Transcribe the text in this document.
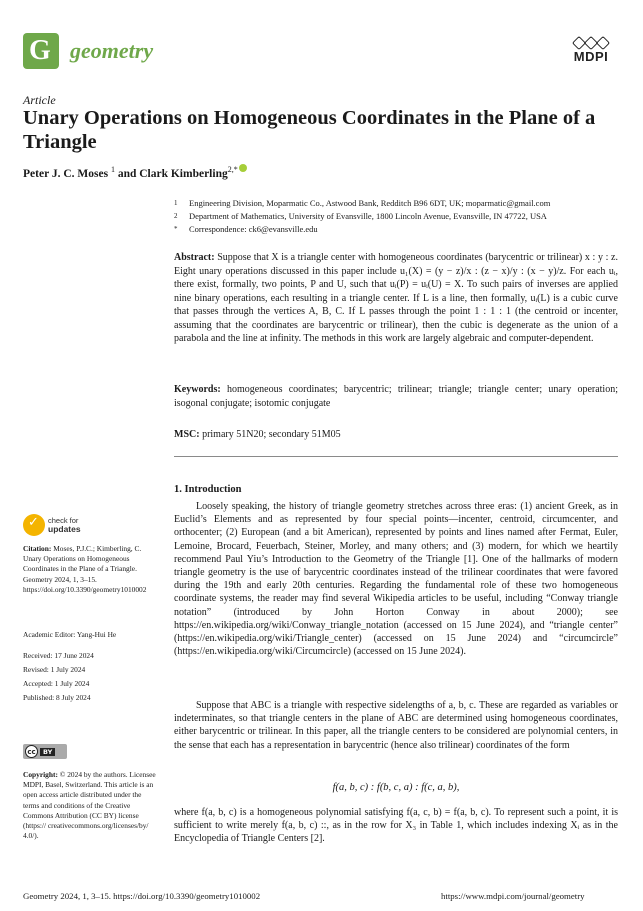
G geometry	MDPI
Article
Unary Operations on Homogeneous Coordinates in the Plane of a Triangle
Peter J. C. Moses $^1$ and Clark Kimberling$^{2,*}$
1	Engineering Division, Moparmatic Co., Astwood Bank, Redditch B96 6DT, UK; moparmatic@gmail.com
2	Department of Mathematics, University of Evansville, 1800 Lincoln Avenue, Evansville, IN 47722, USA
*	Correspondence: ck6@evansville.edu
Abstract: Suppose that X is a triangle center with homogeneous coordinates (barycentric or trilinear) x : y : z. Eight unary operations discussed in this paper include u₁(X) = (y − z)/x : (z − x)/y : (x − y)/z. For each uᵢ, there exist, formally, two points, P and U, such that uᵢ(P) = uᵢ(U) = X. To such pairs of inverses are applied nine binary operations, each resulting in a triangle center. If L is a line, then formally, uᵢ(L) is a cubic curve that passes through the vertices A, B, C. If L passes through the point 1 : 1 : 1 (the centroid or incenter, assuming that the coordinates are barycentric or trilinear), then the cubic is degenerate as the union of a parabola and the line at infinity. The methods in this work are largely algebraic and computer-dependent.
Keywords: homogeneous coordinates; barycentric; trilinear; triangle; triangle center; unary operation; isogonal conjugate; isotomic conjugate
MSC: primary 51N20; secondary 51M05
1. Introduction
Loosely speaking, the history of triangle geometry stretches across three eras: (1) ancient Greek, as in Euclid’s Elements and as represented by four special points—incenter, centroid, circumcenter, and orthocenter; (2) European (and a bit American), represented by points and lines named after Fermat, Euler, Lemoine, Brocard, Feuerbach, Steiner, Morley, and many others; and (3) modern, for which we heartily recommend Paul Yiu’s Introduction to the Geometry of the Triangle [1]. One of the hallmarks of modern triangle geometry is the use of barycentric coordinates instead of the trilinear coordinates that were favored during the 19th and early 20th centuries. Regarding the fundamental role of these two homogeneous coordinate systems, the reader may find several Wikipedia articles to be useful, including “Conway triangle notation” (introduced by John Horton Conway in about 2000); see https://en.wikipedia.org/wiki/Conway_triangle_notation (accessed on 15 June 2024), and “triangle center” (https://en.wikipedia.org/wiki/Triangle_center) (accessed on 15 June 2024) and “circumcircle” (https://en.wikipedia.org/wiki/Circumcircle) (accessed on 15 June 2024).
Suppose that ABC is a triangle with respective sidelengths of a, b, c. These are regarded as variables or indeterminates, so that triangle centers in the plane of ABC are determined using homogeneous coordinates, either barycentric or trilinear. In this paper, all the triangle centers to be considered are polynomial centers, in the sense that each has a representation in barycentric (hence also trilinear) coordinates of the form
f(a, b, c) : f(b, c, a) : f(c, a, b),
where f(a, b, c) is a homogeneous polynomial satisfying f(a, c, b) = f(a, b, c). To represent such a point, it is sufficient to write merely f(a, b, c) ::, as in the row for X₃ in Table 1, which includes indexing Xᵢ as in the Encyclopedia of Triangle Centers [2].
✓
check for
updates
Citation: Moses, P.J.C.; Kimberling, C. Unary Operations on Homogeneous Coordinates in the Plane of a Triangle. Geometry 2024, 1, 3–15. https://doi.org/10.3390/geometry1010002
Academic Editor: Yang-Hui He
Received: 17 June 2024
Revised: 1 July 2024
Accepted: 1 July 2024
Published: 8 July 2024
cc	BY
Copyright: © 2024 by the authors. Licensee MDPI, Basel, Switzerland. This article is an open access article distributed under the terms and conditions of the Creative Commons Attribution (CC BY) license (https:// creativecommons.org/licenses/by/ 4.0/).
Geometry 2024, 1, 3–15. https://doi.org/10.3390/geometry1010002	https://www.mdpi.com/journal/geometry
